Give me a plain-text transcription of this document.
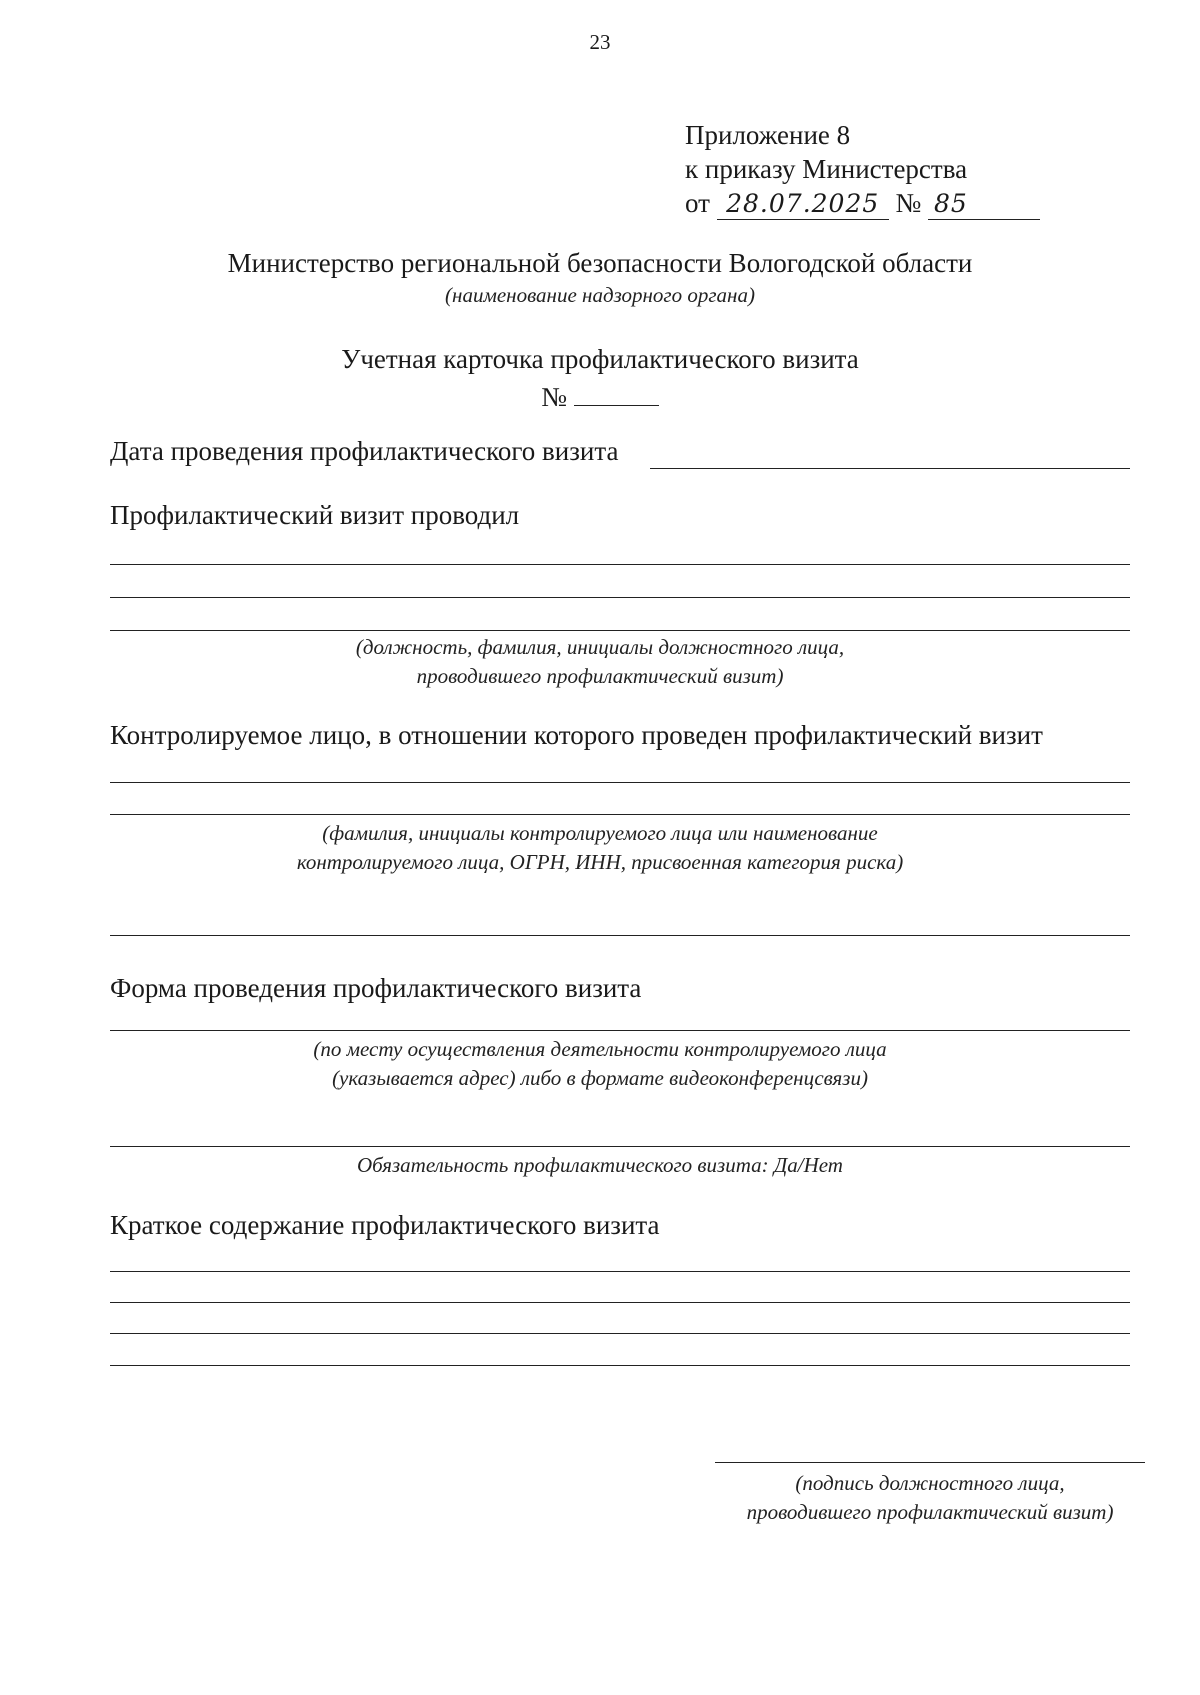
23
Приложение 8
к приказу Министерства
от 28.07.2025 № 85
Министерство региональной безопасности Вологодской области
(наименование надзорного органа)
Учетная карточка профилактического визита
№
Дата проведения профилактического визита
Профилактический визит проводил
(должность, фамилия, инициалы должностного лица,
проводившего профилактический визит)
Контролируемое лицо, в отношении которого проведен профилактический визит
(фамилия, инициалы контролируемого лица или наименование
контролируемого лица, ОГРН, ИНН, присвоенная категория риска)
Форма проведения профилактического визита
(по месту осуществления деятельности контролируемого лица
(указывается адрес) либо в формате видеоконференцсвязи)
Обязательность профилактического визита: Да/Нет
Краткое содержание профилактического визита
(подпись должностного лица,
проводившего профилактический визит)
